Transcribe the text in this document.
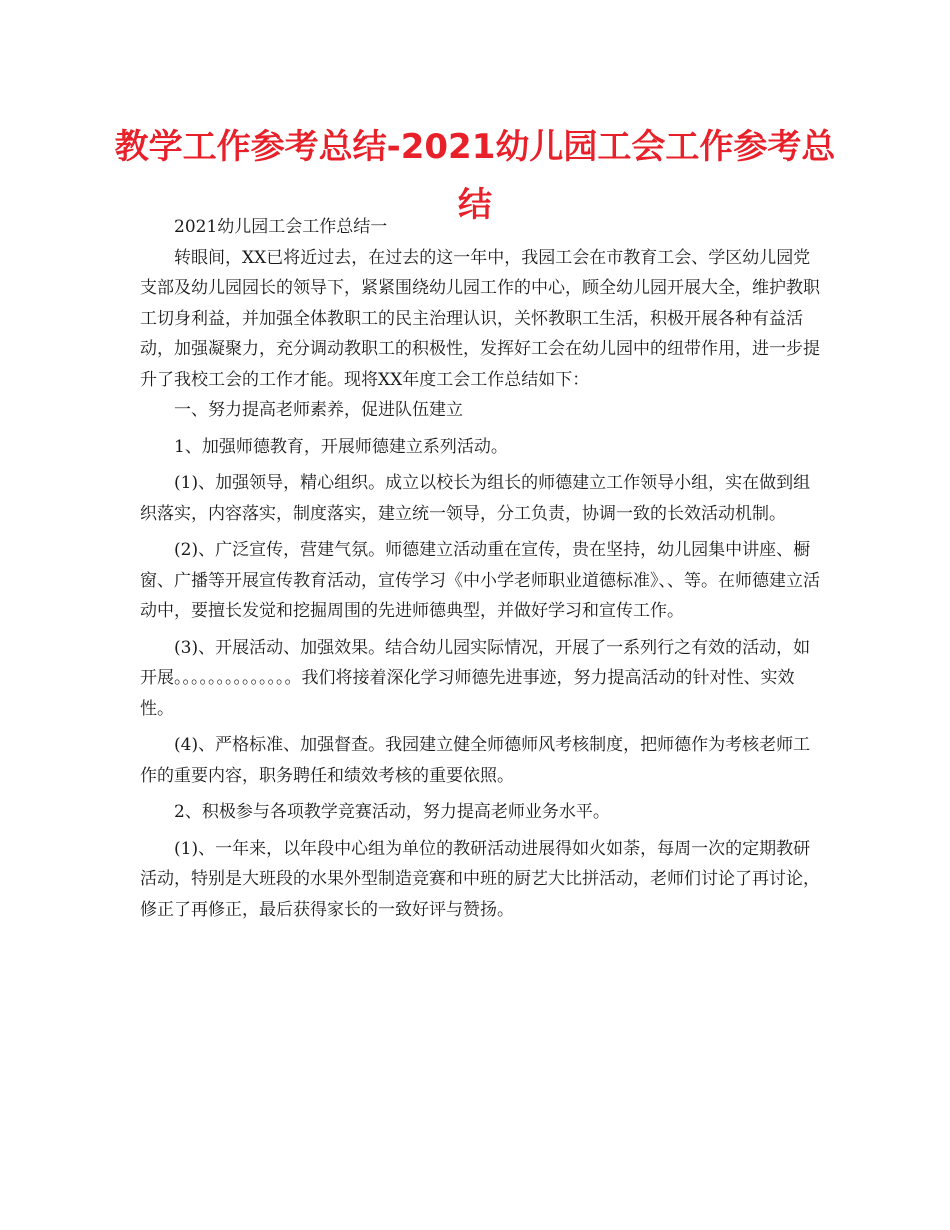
教学工作参考总结-2021幼儿园工会工作参考总结

2021幼儿园工会工作总结一

转眼间，XX已将近过去，在过去的这一年中，我园工会在市教育工会、学区幼儿园党支部及幼儿园园长的领导下，紧紧围绕幼儿园工作的中心，顾全幼儿园开展大全，维护教职工切身利益，并加强全体教职工的民主治理认识，关怀教职工生活，积极开展各种有益活动，加强凝聚力，充分调动教职工的积极性，发挥好工会在幼儿园中的纽带作用，进一步提升了我校工会的工作才能。现将XX年度工会工作总结如下：

一、努力提高老师素养，促进队伍建立

1、加强师德教育，开展师德建立系列活动。

(1)、加强领导，精心组织。成立以校长为组长的师德建立工作领导小组，实在做到组织落实，内容落实，制度落实，建立统一领导，分工负责，协调一致的长效活动机制。

(2)、广泛宣传，营建气氛。师德建立活动重在宣传，贵在坚持，幼儿园集中讲座、橱窗、广播等开展宣传教育活动，宣传学习《中小学老师职业道德标准》、、等。在师德建立活动中，要擅长发觉和挖掘周围的先进师德典型，并做好学习和宣传工作。

(3)、开展活动、加强效果。结合幼儿园实际情况，开展了一系列行之有效的活动，如开展。。。。。。。。。。。。。。我们将接着深化学习师德先进事迹，努力提高活动的针对性、实效性。

(4)、严格标准、加强督查。我园建立健全师德师风考核制度，把师德作为考核老师工作的重要内容，职务聘任和绩效考核的重要依照。

2、积极参与各项教学竞赛活动，努力提高老师业务水平。

(1)、一年来，以年段中心组为单位的教研活动进展得如火如荼，每周一次的定期教研活动，特别是大班段的水果外型制造竞赛和中班的厨艺大比拼活动，老师们讨论了再讨论，修正了再修正，最后获得家长的一致好评与赞扬。
